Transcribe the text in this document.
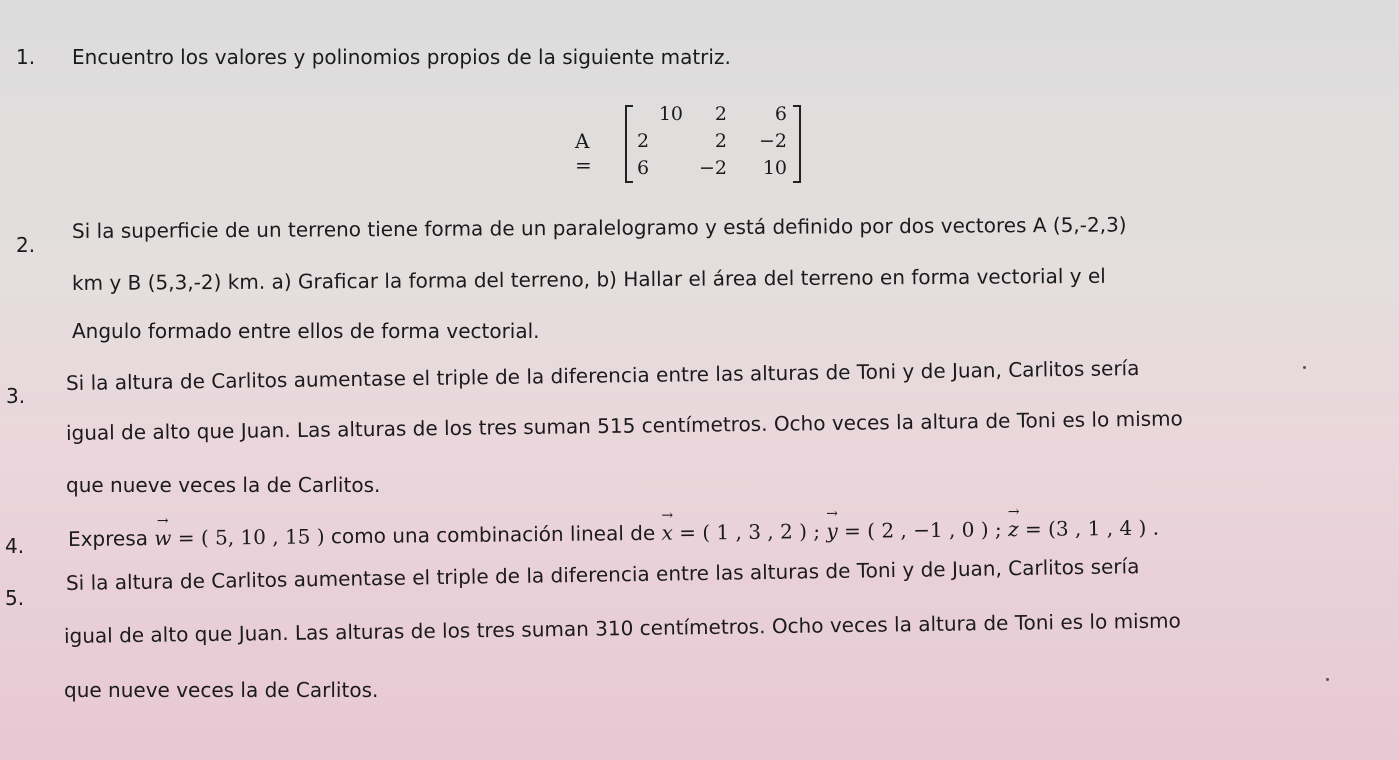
1. Encuentro los valores y polinomios propios de la siguiente matriz.
A =
10	2	6
2	2	−2
6	−2	10
2.
Si la superficie de un terreno tiene forma de un paralelogramo y está definido por dos vectores A (5,-2,3)
km y B (5,3,-2) km. a) Graficar la forma del terreno, b) Hallar el área del terreno en forma vectorial y el
Angulo formado entre ellos de forma vectorial.
3.
Si la altura de Carlitos aumentase el triple de la diferencia entre las alturas de Toni y de Juan, Carlitos sería
igual de alto que Juan. Las alturas de los tres suman 515 centímetros. Ocho veces la altura de Toni es lo mismo
que nueve veces la de Carlitos.
4. Expresa
→
w = ( 5, 10 , 15 ) como una combinación lineal de
→
x = ( 1 , 3 , 2 ) ;
→
y = ( 2 , −1 , 0 ) ;
→
z = (3 , 1 , 4 ) .
5.
Si la altura de Carlitos aumentase el triple de la diferencia entre las alturas de Toni y de Juan, Carlitos sería
igual de alto que Juan. Las alturas de los tres suman 310 centímetros. Ocho veces la altura de Toni es lo mismo
que nueve veces la de Carlitos.
